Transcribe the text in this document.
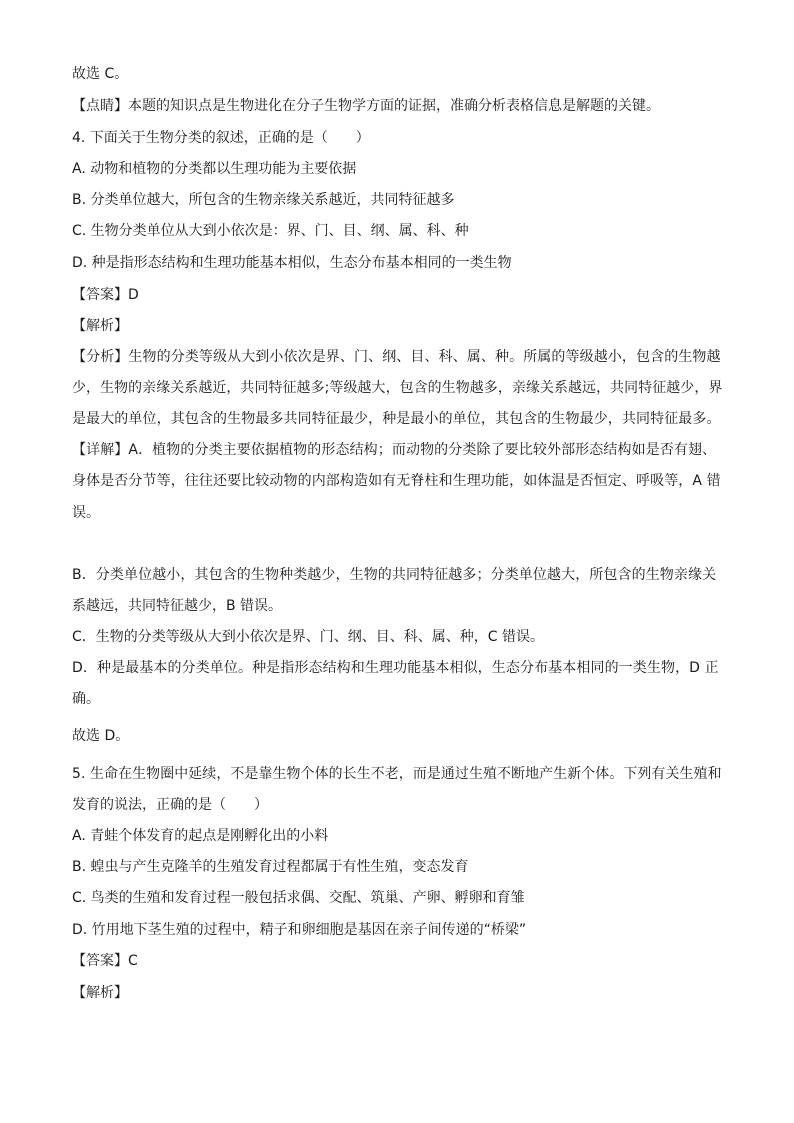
故选 C。
【点睛】本题的知识点是生物进化在分子生物学方面的证据，准确分析表格信息是解题的关键。
4. 下面关于生物分类的叙述，正确的是（　　）
A. 动物和植物的分类都以生理功能为主要依据
B. 分类单位越大，所包含的生物亲缘关系越近，共同特征越多
C. 生物分类单位从大到小依次是：界、门、目、纲、属、科、种
D. 种是指形态结构和生理功能基本相似，生态分布基本相同的一类生物
【答案】D
【解析】
【分析】生物的分类等级从大到小依次是界、门、纲、目、科、属、种。所属的等级越小，包含的生物越
少，生物的亲缘关系越近，共同特征越多;等级越大，包含的生物越多，亲缘关系越远，共同特征越少，界
是最大的单位，其包含的生物最多共同特征最少，种是最小的单位，其包含的生物最少，共同特征最多。
【详解】A．植物的分类主要依据植物的形态结构；而动物的分类除了要比较外部形态结构如是否有翅、
身体是否分节等，往往还要比较动物的内部构造如有无脊柱和生理功能，如体温是否恒定、呼吸等，A 错
误。
B．分类单位越小，其包含的生物种类越少，生物的共同特征越多；分类单位越大，所包含的生物亲缘关
系越远，共同特征越少，B 错误。
C．生物的分类等级从大到小依次是界、门、纲、目、科、属、种，C 错误。
D．种是最基本的分类单位。种是指形态结构和生理功能基本相似，生态分布基本相同的一类生物，D 正
确。
故选 D。
5. 生命在生物圈中延续，不是靠生物个体的长生不老，而是通过生殖不断地产生新个体。下列有关生殖和
发育的说法，正确的是（　　）
A. 青蛙个体发育的起点是刚孵化出的小料
B. 蝗虫与产生克隆羊的生殖发育过程都属于有性生殖，变态发育
C. 鸟类的生殖和发育过程一般包括求偶、交配、筑巢、产卵、孵卵和育雏
D. 竹用地下茎生殖的过程中，精子和卵细胞是基因在亲子间传递的“桥梁”
【答案】C
【解析】
